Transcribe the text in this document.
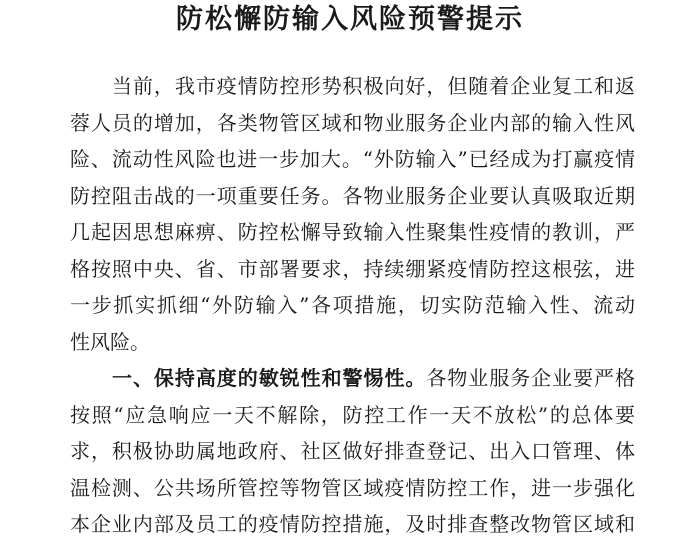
防松懈防输入风险预警提示
当前，我市疫情防控形势积极向好，但随着企业复工和返
蓉人员的增加，各类物管区域和物业服务企业内部的输入性风
险、流动性风险也进一步加大。“外防输入”已经成为打赢疫情
防控阻击战的一项重要任务。各物业服务企业要认真吸取近期
几起因思想麻痹、防控松懈导致输入性聚集性疫情的教训，严
格按照中央、省、市部署要求，持续绷紧疫情防控这根弦，进
一步抓实抓细“外防输入”各项措施，切实防范输入性、流动
性风险。
一、保持高度的敏锐性和警惕性。各物业服务企业要严格
按照“应急响应一天不解除，防控工作一天不放松”的总体要
求，积极协助属地政府、社区做好排查登记、出入口管理、体
温检测、公共场所管控等物管区域疫情防控工作，进一步强化
本企业内部及员工的疫情防控措施，及时排查整改物管区域和
